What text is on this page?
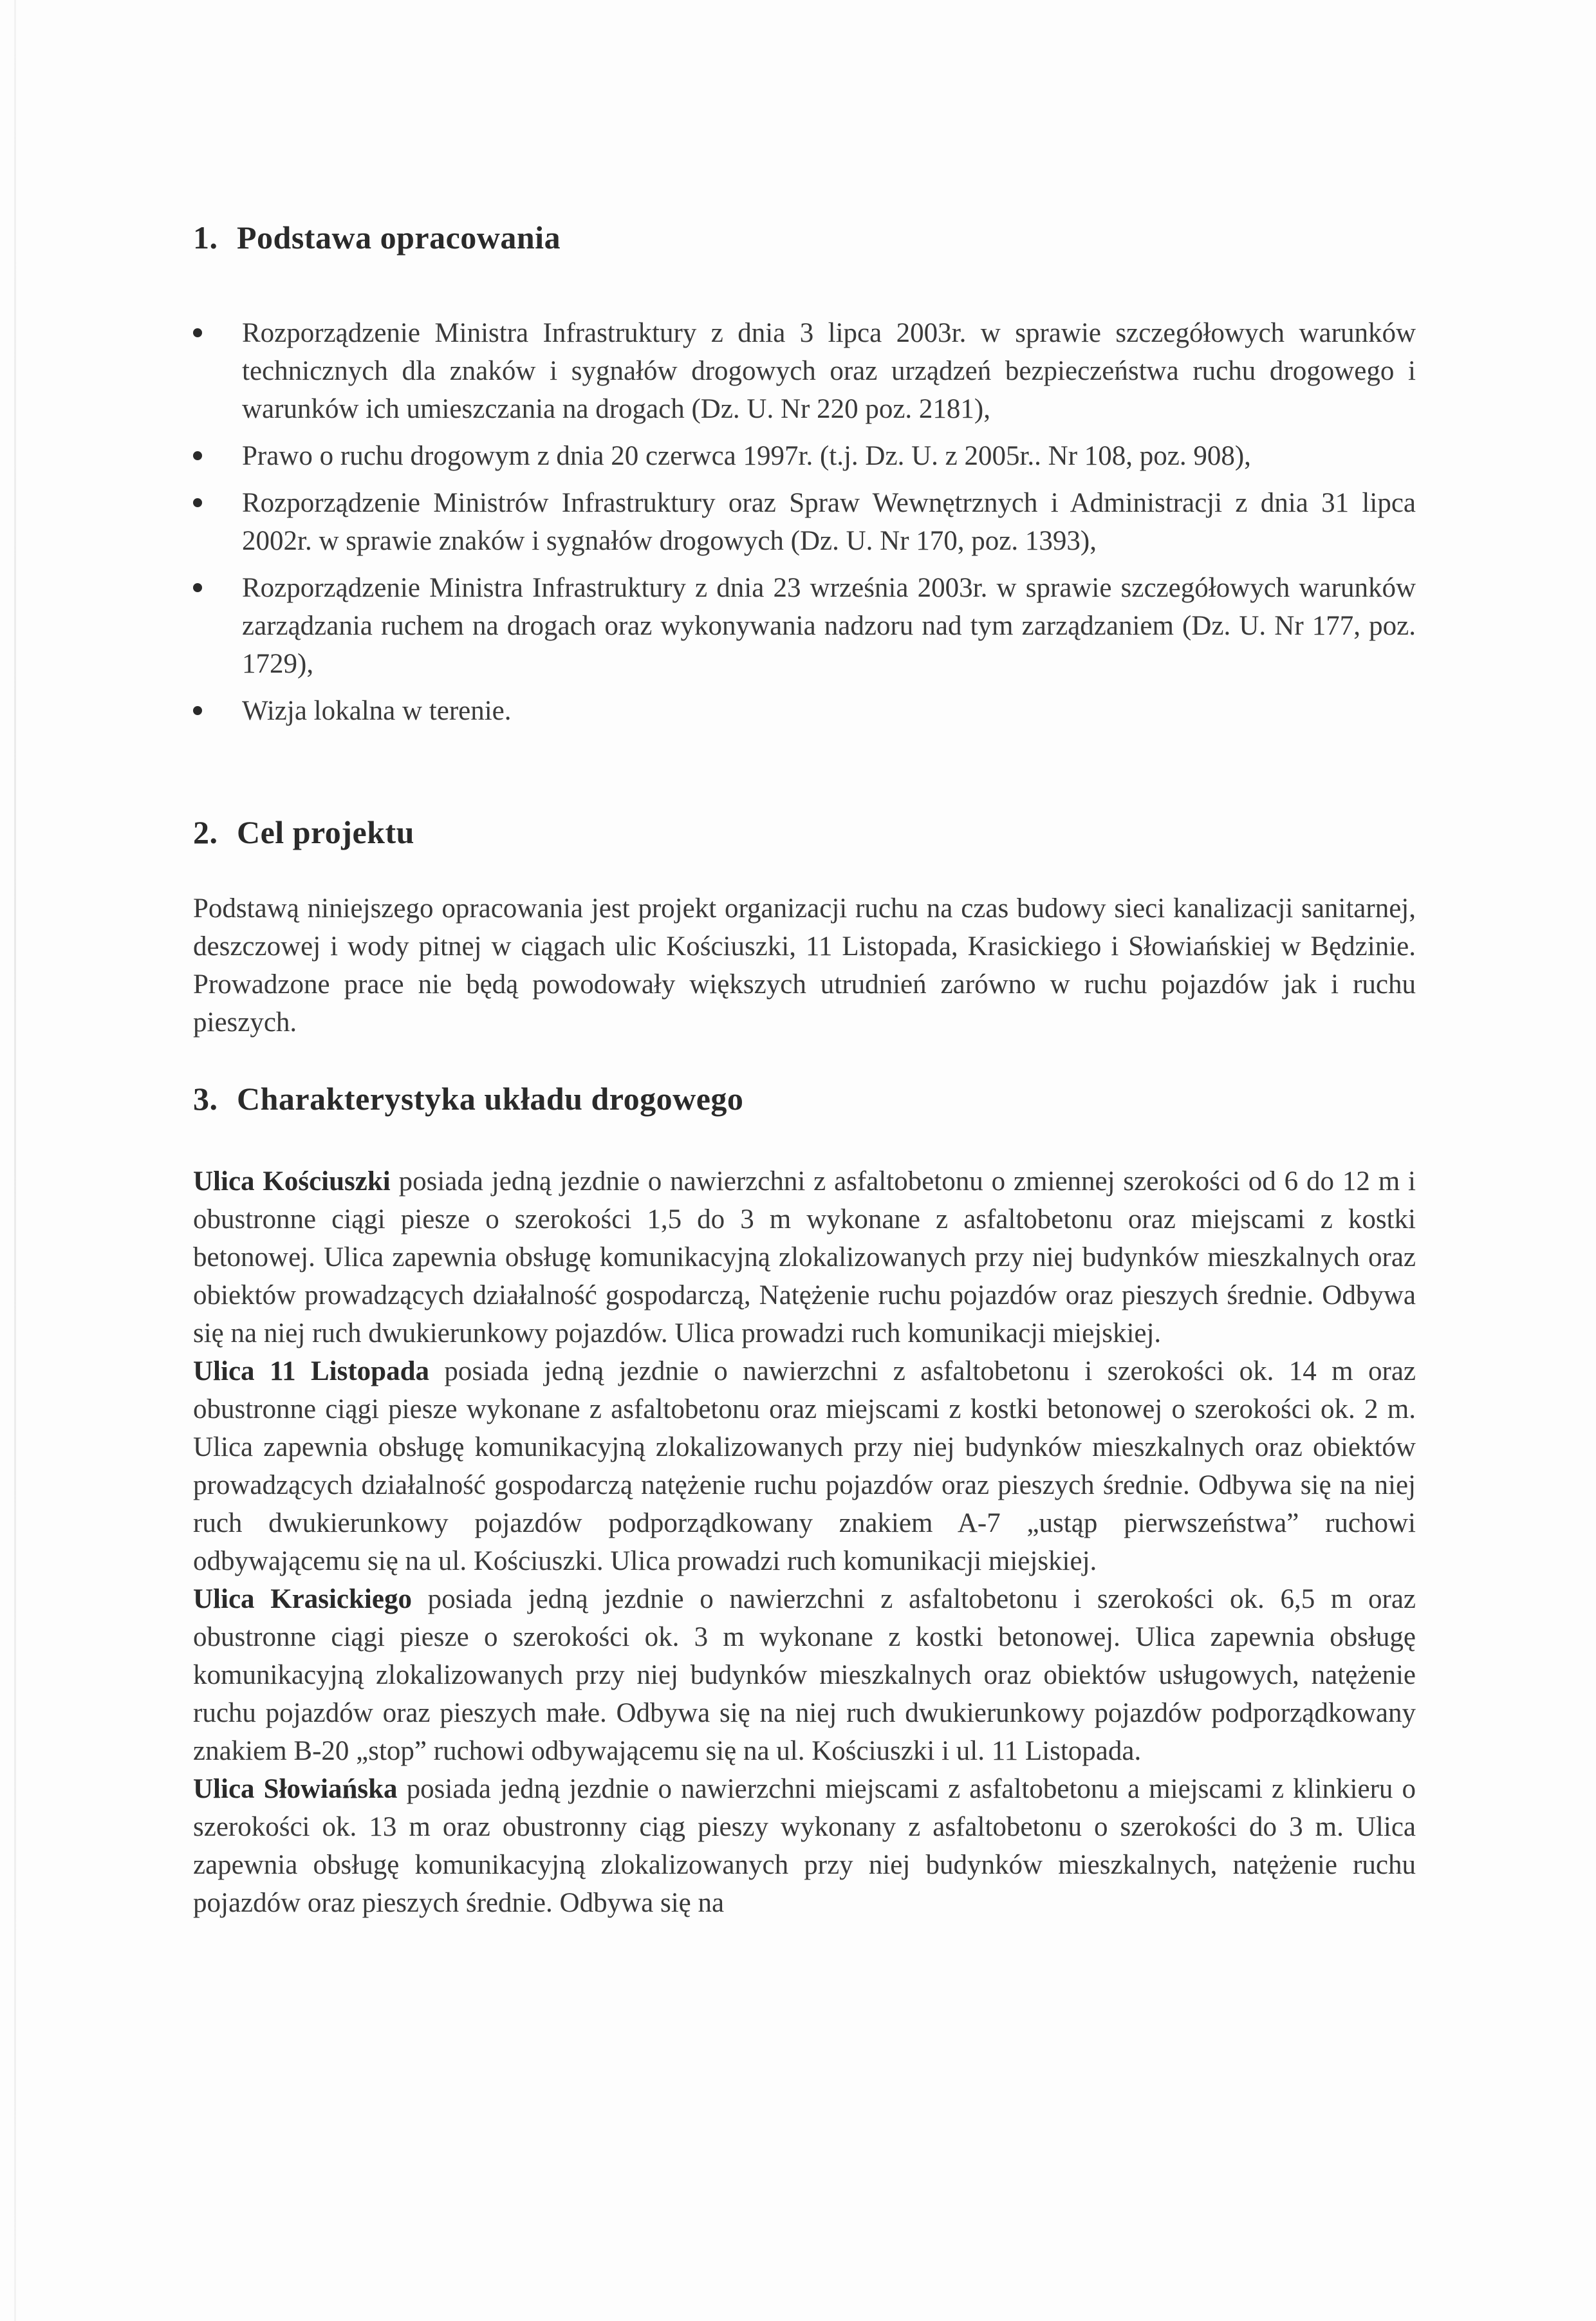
1. Podstawa opracowania
Rozporządzenie Ministra Infrastruktury z dnia 3 lipca 2003r. w sprawie szczegółowych warunków technicznych dla znaków i sygnałów drogowych oraz urządzeń bezpieczeństwa ruchu drogowego i warunków ich umieszczania na drogach (Dz. U. Nr 220 poz. 2181),
Prawo o ruchu drogowym z dnia 20 czerwca 1997r. (t.j. Dz. U. z 2005r.. Nr 108, poz. 908),
Rozporządzenie Ministrów Infrastruktury oraz Spraw Wewnętrznych i Administracji z dnia 31 lipca 2002r. w sprawie znaków i sygnałów drogowych (Dz. U. Nr 170, poz. 1393),
Rozporządzenie Ministra Infrastruktury z dnia 23 września 2003r. w sprawie szczegółowych warunków zarządzania ruchem na drogach oraz wykonywania nadzoru nad tym zarządzaniem (Dz. U. Nr 177, poz. 1729),
Wizja lokalna w terenie.
2. Cel projektu

Podstawą niniejszego opracowania jest projekt organizacji ruchu na czas budowy sieci kanalizacji sanitarnej, deszczowej i wody pitnej w ciągach ulic Kościuszki, 11 Listopada, Krasickiego i Słowiańskiej w Będzinie. Prowadzone prace nie będą powodowały większych utrudnień zarówno w ruchu pojazdów jak i ruchu pieszych.

3. Charakterystyka układu drogowego

Ulica Kościuszki posiada jedną jezdnie o nawierzchni z asfaltobetonu o zmiennej szerokości od 6 do 12 m i obustronne ciągi piesze o szerokości 1,5 do 3 m wykonane z asfaltobetonu oraz miejscami z kostki betonowej. Ulica zapewnia obsługę komunikacyjną zlokalizowanych przy niej budynków mieszkalnych oraz obiektów prowadzących działalność gospodarczą, Natężenie ruchu pojazdów oraz pieszych średnie. Odbywa się na niej ruch dwukierunkowy pojazdów. Ulica prowadzi ruch komunikacji miejskiej.

Ulica 11 Listopada posiada jedną jezdnie o nawierzchni z asfaltobetonu i szerokości ok. 14 m oraz obustronne ciągi piesze wykonane z asfaltobetonu oraz miejscami z kostki betonowej o szerokości ok. 2 m. Ulica zapewnia obsługę komunikacyjną zlokalizowanych przy niej budynków mieszkalnych oraz obiektów prowadzących działalność gospodarczą natężenie ruchu pojazdów oraz pieszych średnie. Odbywa się na niej ruch dwukierunkowy pojazdów podporządkowany znakiem A-7 „ustąp pierwszeństwa” ruchowi odbywającemu się na ul. Kościuszki. Ulica prowadzi ruch komunikacji miejskiej.

Ulica Krasickiego posiada jedną jezdnie o nawierzchni z asfaltobetonu i szerokości ok. 6,5 m oraz obustronne ciągi piesze o szerokości ok. 3 m wykonane z kostki betonowej. Ulica zapewnia obsługę komunikacyjną zlokalizowanych przy niej budynków mieszkalnych oraz obiektów usługowych, natężenie ruchu pojazdów oraz pieszych małe. Odbywa się na niej ruch dwukierunkowy pojazdów podporządkowany znakiem B-20 „stop” ruchowi odbywającemu się na ul. Kościuszki i ul. 11 Listopada.

Ulica Słowiańska posiada jedną jezdnie o nawierzchni miejscami z asfaltobetonu a miejscami z klinkieru o szerokości ok. 13 m oraz obustronny ciąg pieszy wykonany z asfaltobetonu o szerokości do 3 m. Ulica zapewnia obsługę komunikacyjną zlokalizowanych przy niej budynków mieszkalnych, natężenie ruchu pojazdów oraz pieszych średnie. Odbywa się na
